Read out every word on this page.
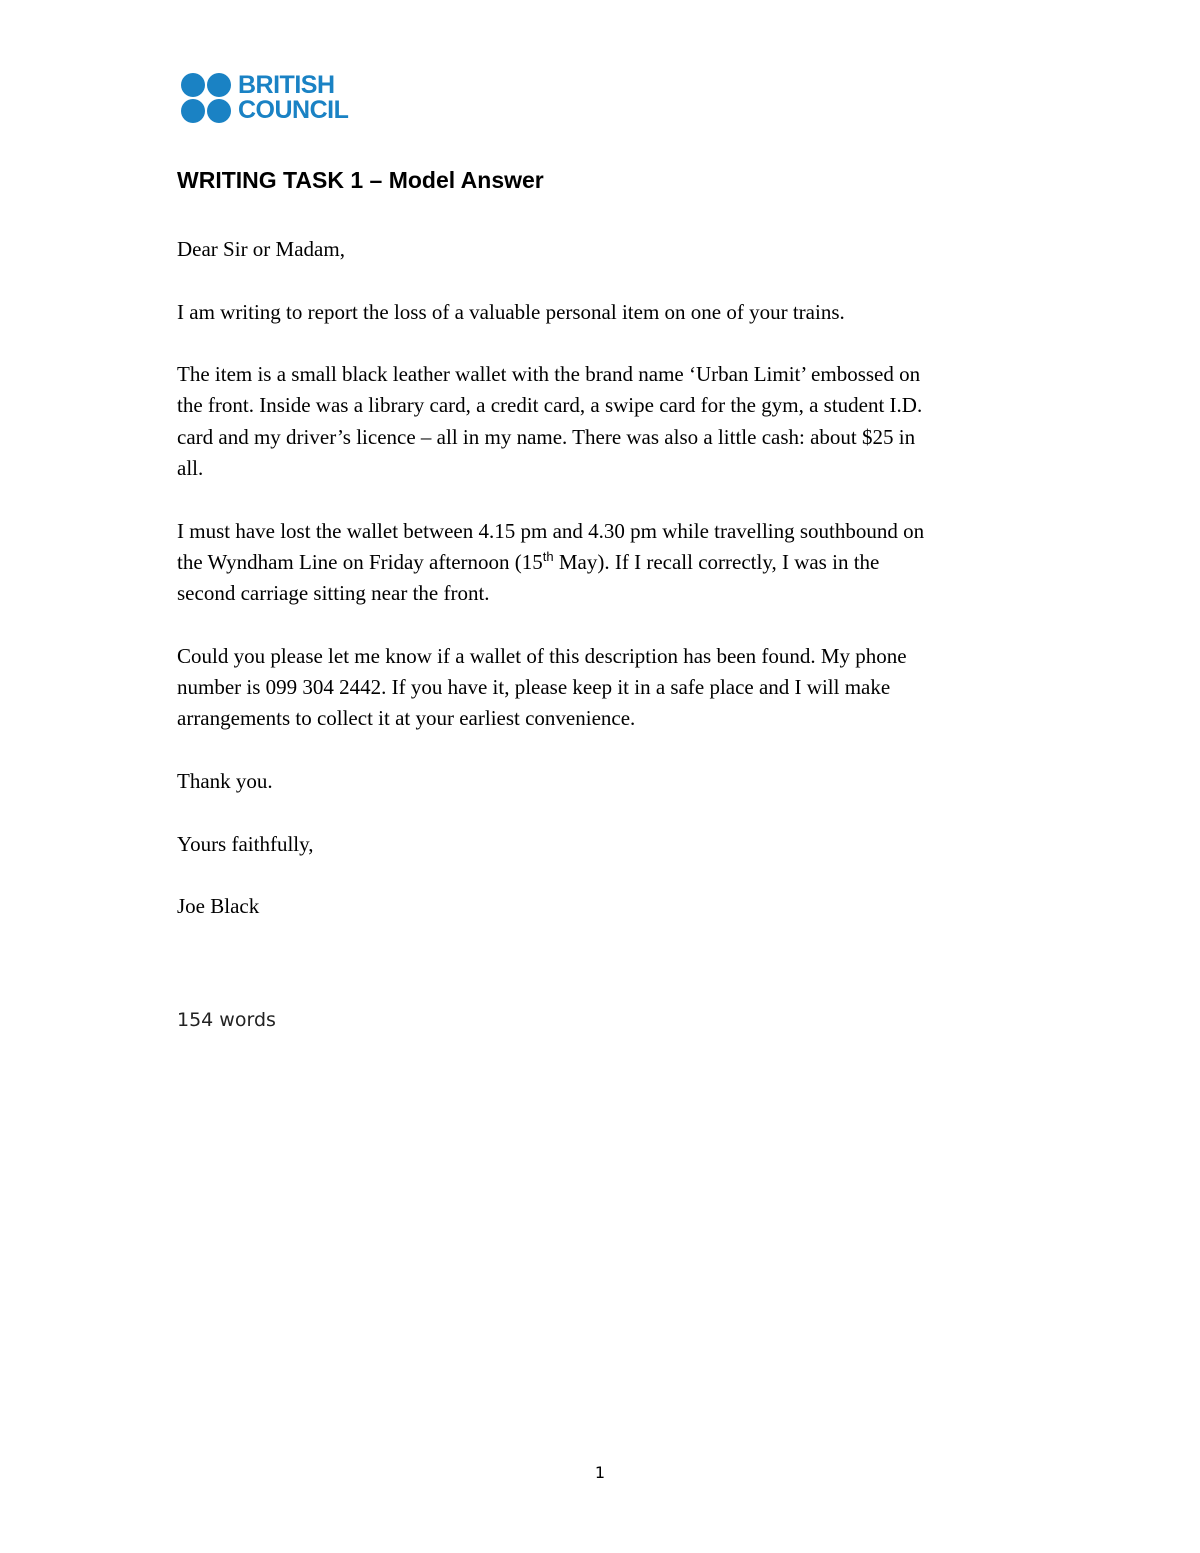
BRITISH
COUNCIL
WRITING TASK 1 – Model Answer

Dear Sir or Madam,

I am writing to report the loss of a valuable personal item on one of your trains.

The item is a small black leather wallet with the brand name ‘Urban Limit’ embossed on
the front. Inside was a library card, a credit card, a swipe card for the gym, a student I.D.
card and my driver’s licence – all in my name. There was also a little cash: about $25 in
all.

I must have lost the wallet between 4.15 pm and 4.30 pm while travelling southbound on
the Wyndham Line on Friday afternoon (15th May). If I recall correctly, I was in the
second carriage sitting near the front.

Could you please let me know if a wallet of this description has been found. My phone
number is 099 304 2442. If you have it, please keep it in a safe place and I will make
arrangements to collect it at your earliest convenience.

Thank you.

Yours faithfully,

Joe Black

154 words
1
